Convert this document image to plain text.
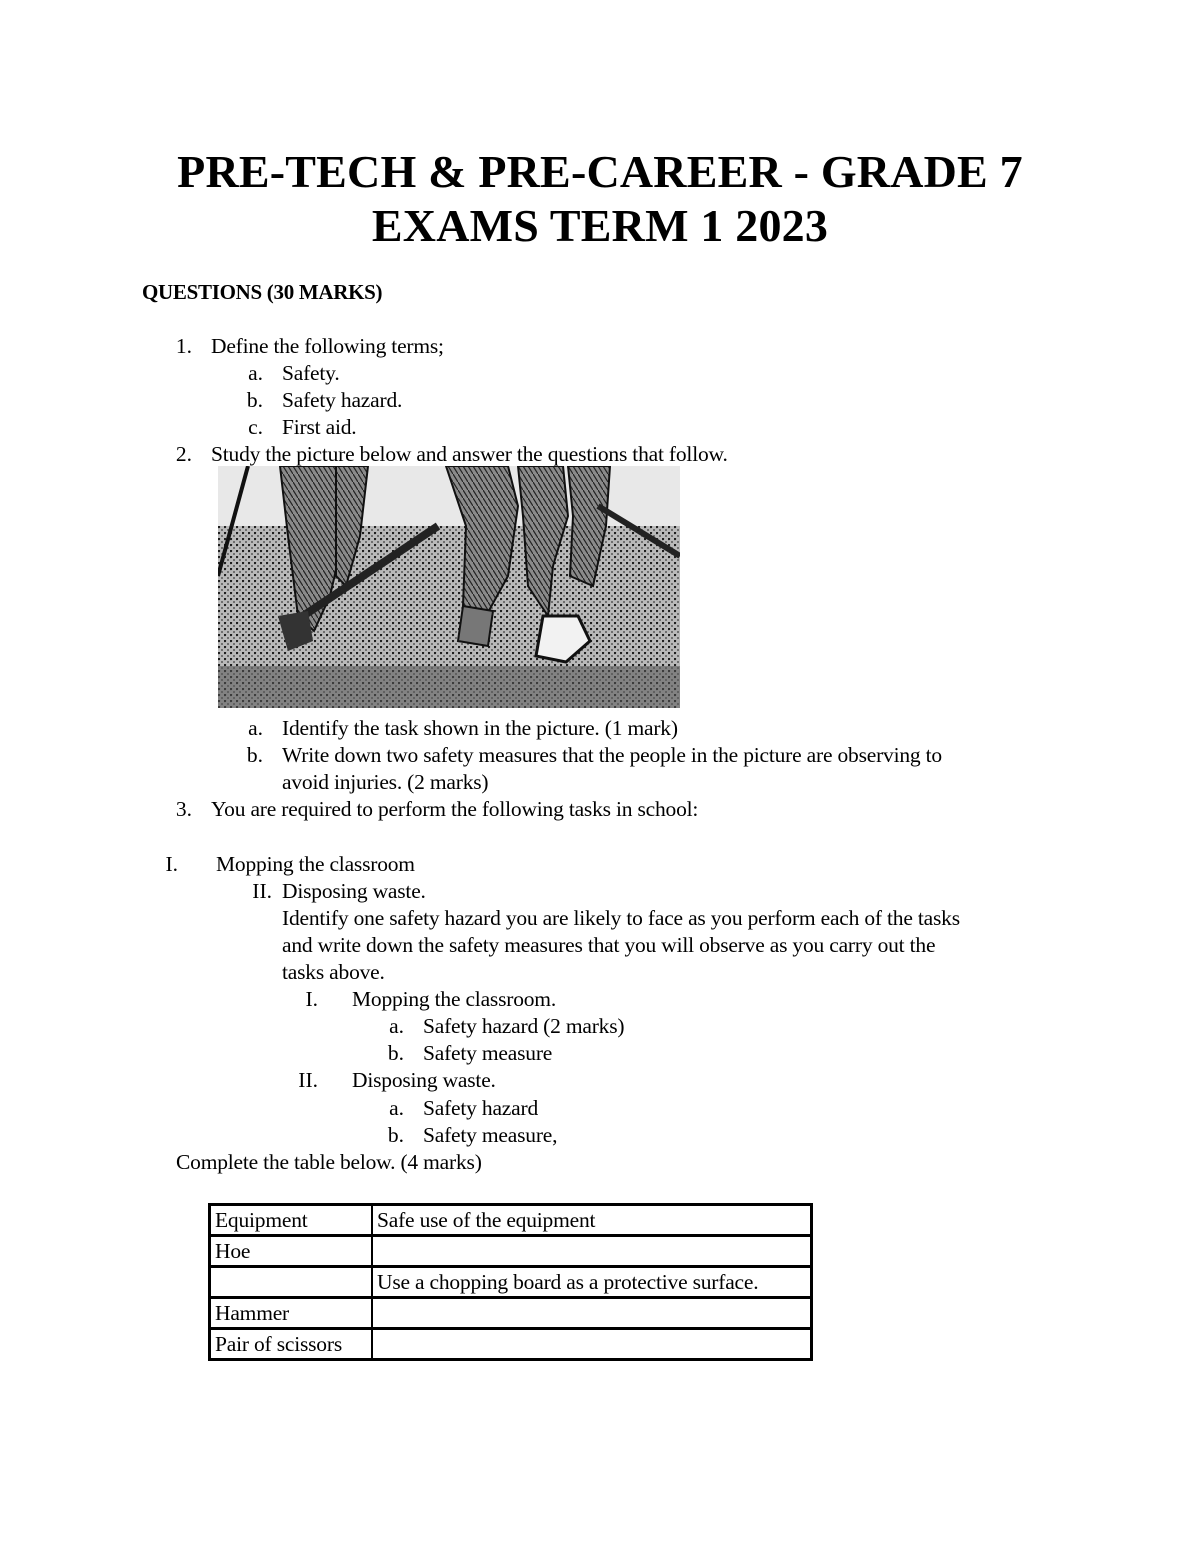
PRE-TECH & PRE-CAREER - GRADE 7
EXAMS TERM 1 2023
QUESTIONS (30 MARKS)
1. Define the following terms;
a. Safety.
b. Safety hazard.
c. First aid.
2. Study the picture below and answer the questions that follow.
a. Identify the task shown in the picture. (1 mark)
b. Write down two safety measures that the people in the picture are observing to
avoid injuries. (2 marks)
3. You are required to perform the following tasks in school:
I. Mopping the classroom
II. Disposing waste.
Identify one safety hazard you are likely to face as you perform each of the tasks
and write down the safety measures that you will observe as you carry out the
tasks above.
I. Mopping the classroom.
a. Safety hazard (2 marks)
b. Safety measure
II. Disposing waste.
a. Safety hazard
b. Safety measure,
Complete the table below. (4 marks)
Equipment	Safe use of the equipment
Hoe	
	Use a chopping board as a protective surface.
Hammer	
Pair of scissors	
